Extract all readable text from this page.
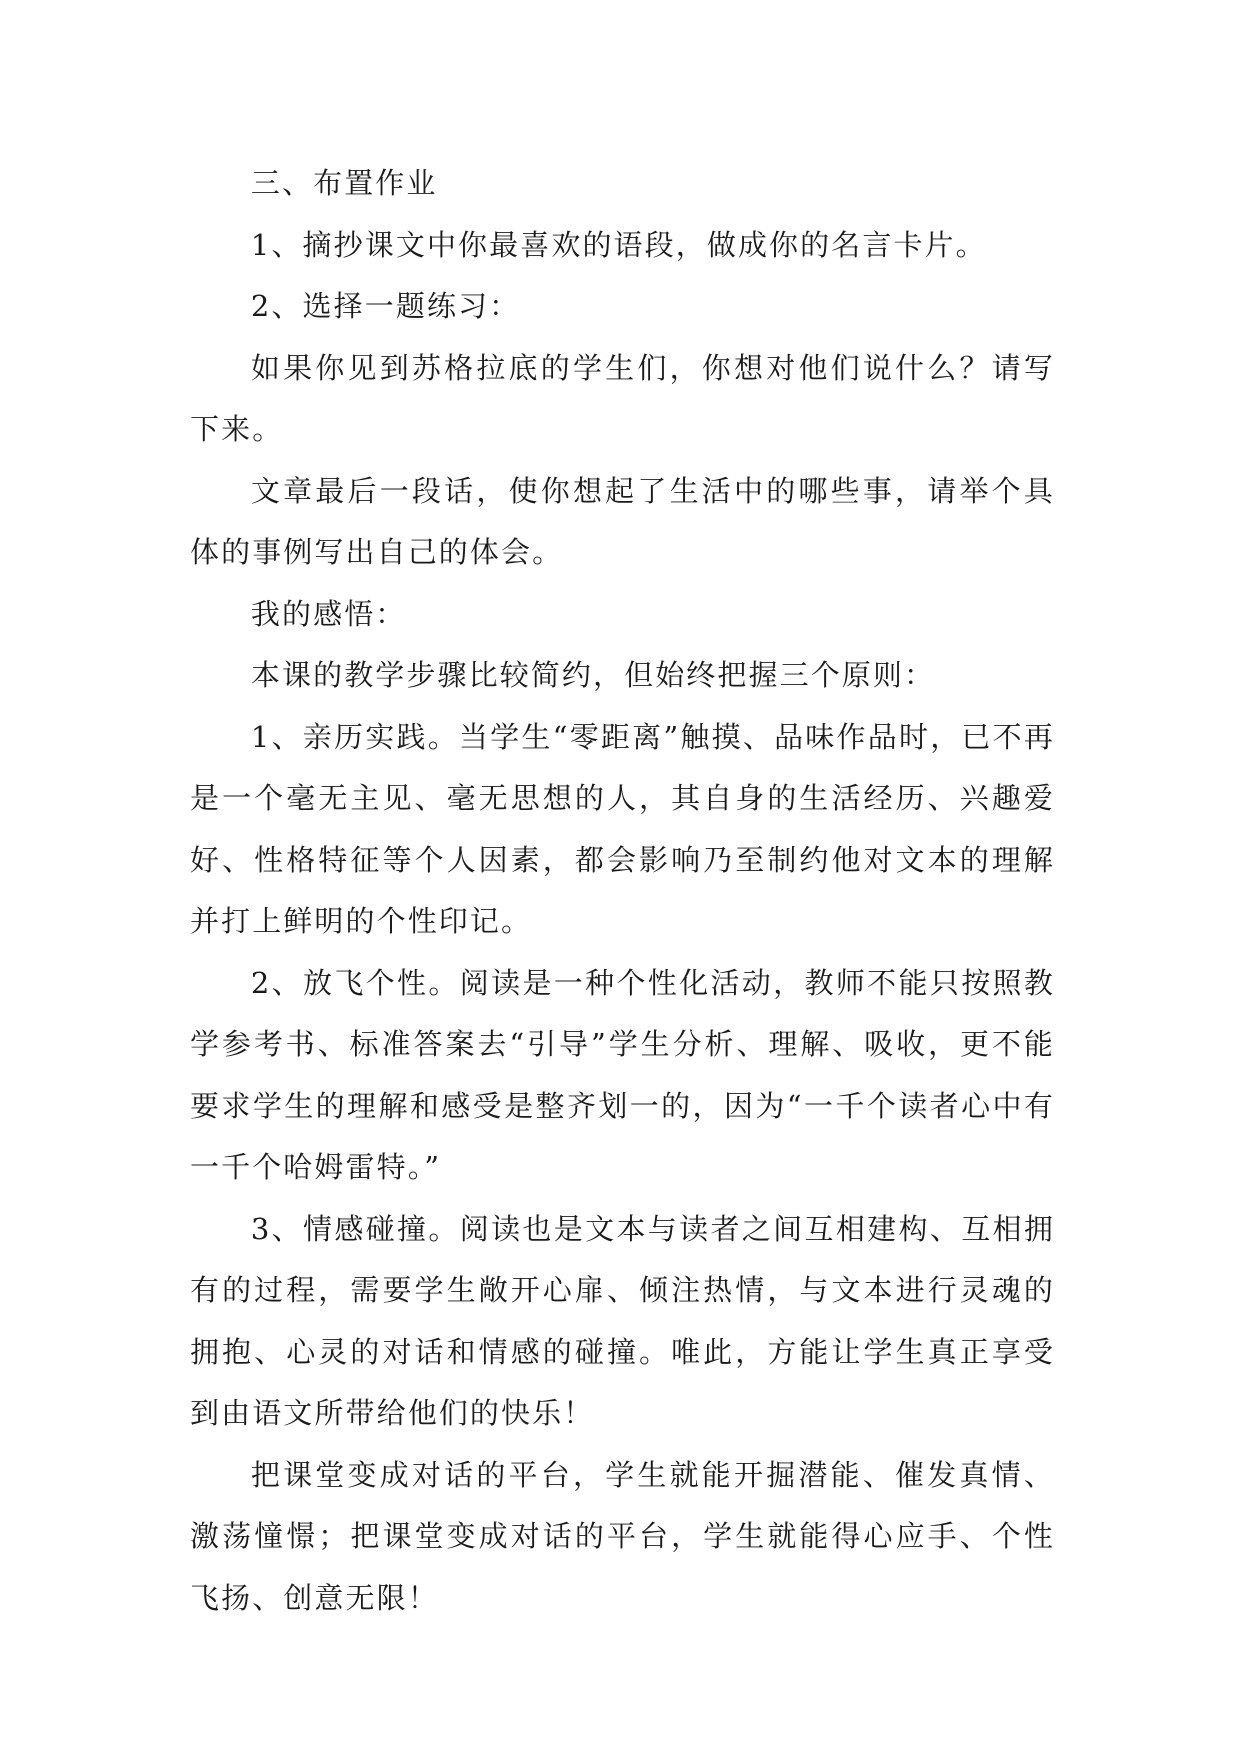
三、布置作业

1、摘抄课文中你最喜欢的语段，做成你的名言卡片。

2、选择一题练习：

如果你见到苏格拉底的学生们，你想对他们说什么？请写下来。

文章最后一段话，使你想起了生活中的哪些事，请举个具体的事例写出自己的体会。

我的感悟：

本课的教学步骤比较简约，但始终把握三个原则：

1、亲历实践。当学生“零距离”触摸、品味作品时，已不再是一个毫无主见、毫无思想的人，其自身的生活经历、兴趣爱好、性格特征等个人因素，都会影响乃至制约他对文本的理解并打上鲜明的个性印记。

2、放飞个性。阅读是一种个性化活动，教师不能只按照教学参考书、标准答案去“引导”学生分析、理解、吸收，更不能要求学生的理解和感受是整齐划一的，因为“一千个读者心中有一千个哈姆雷特。”

3、情感碰撞。阅读也是文本与读者之间互相建构、互相拥有的过程，需要学生敞开心扉、倾注热情，与文本进行灵魂的拥抱、心灵的对话和情感的碰撞。唯此，方能让学生真正享受到由语文所带给他们的快乐！

把课堂变成对话的平台，学生就能开掘潜能、催发真情、激荡憧憬；把课堂变成对话的平台，学生就能得心应手、个性飞扬、创意无限！
